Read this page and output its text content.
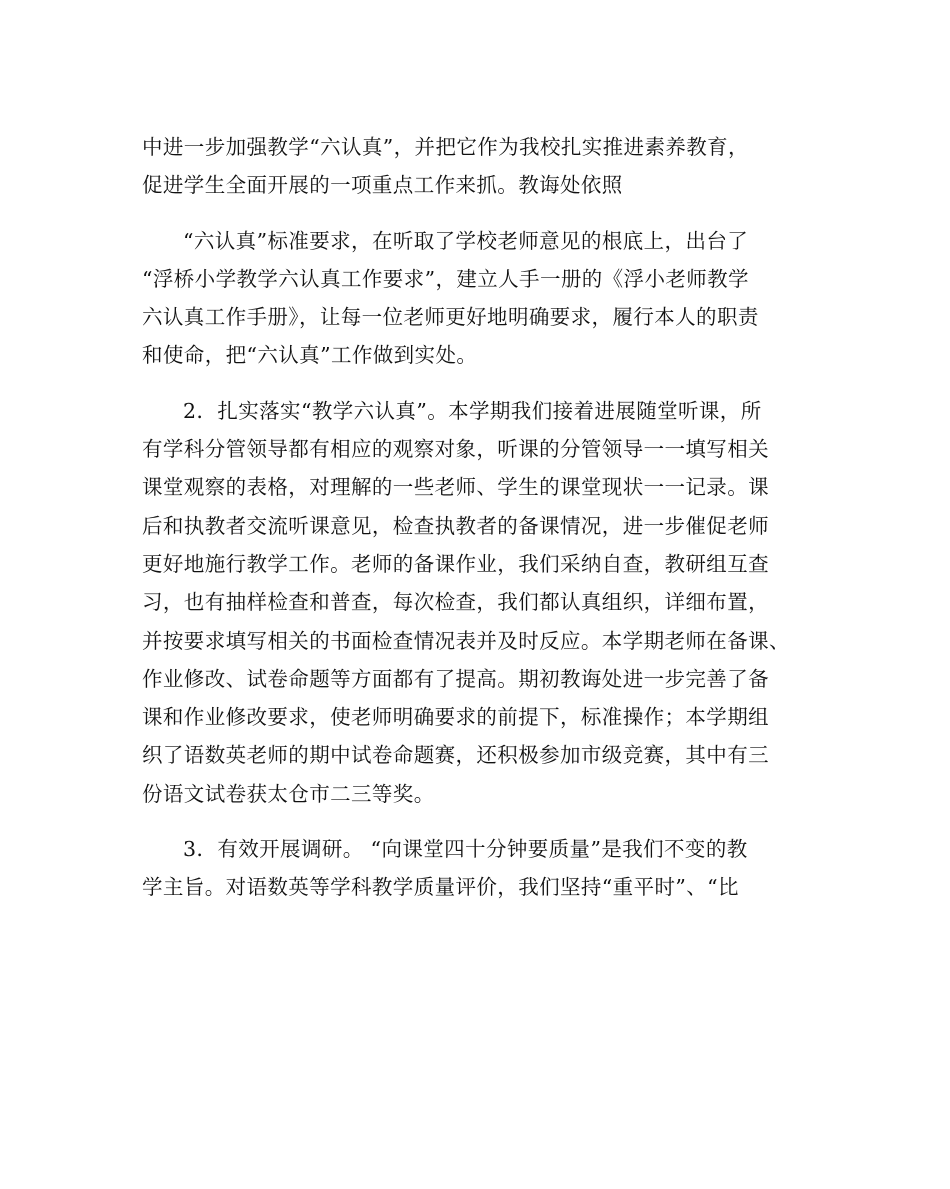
中进一步加强教学“六认真”，并把它作为我校扎实推进素养教育，
促进学生全面开展的一项重点工作来抓。教诲处依照
“六认真”标准要求，在听取了学校老师意见的根底上，出台了
“浮桥小学教学六认真工作要求”，建立人手一册的《浮小老师教学
六认真工作手册》，让每一位老师更好地明确要求，履行本人的职责
和使命，把“六认真”工作做到实处。
2．扎实落实“教学六认真”。本学期我们接着进展随堂听课，所
有学科分管领导都有相应的观察对象，听课的分管领导一一填写相关
课堂观察的表格，对理解的一些老师、学生的课堂现状一一记录。课
后和执教者交流听课意见，检查执教者的备课情况，进一步催促老师
更好地施行教学工作。老师的备课作业，我们采纳自查，教研组互查
习，也有抽样检查和普查，每次检查，我们都认真组织，详细布置，
并按要求填写相关的书面检查情况表并及时反应。本学期老师在备课、
作业修改、试卷命题等方面都有了提高。期初教诲处进一步完善了备
课和作业修改要求，使老师明确要求的前提下，标准操作；本学期组
织了语数英老师的期中试卷命题赛，还积极参加市级竞赛，其中有三
份语文试卷获太仓市二三等奖。
3．有效开展调研。 “向课堂四十分钟要质量”是我们不变的教
学主旨。对语数英等学科教学质量评价，我们坚持“重平时”、“比
